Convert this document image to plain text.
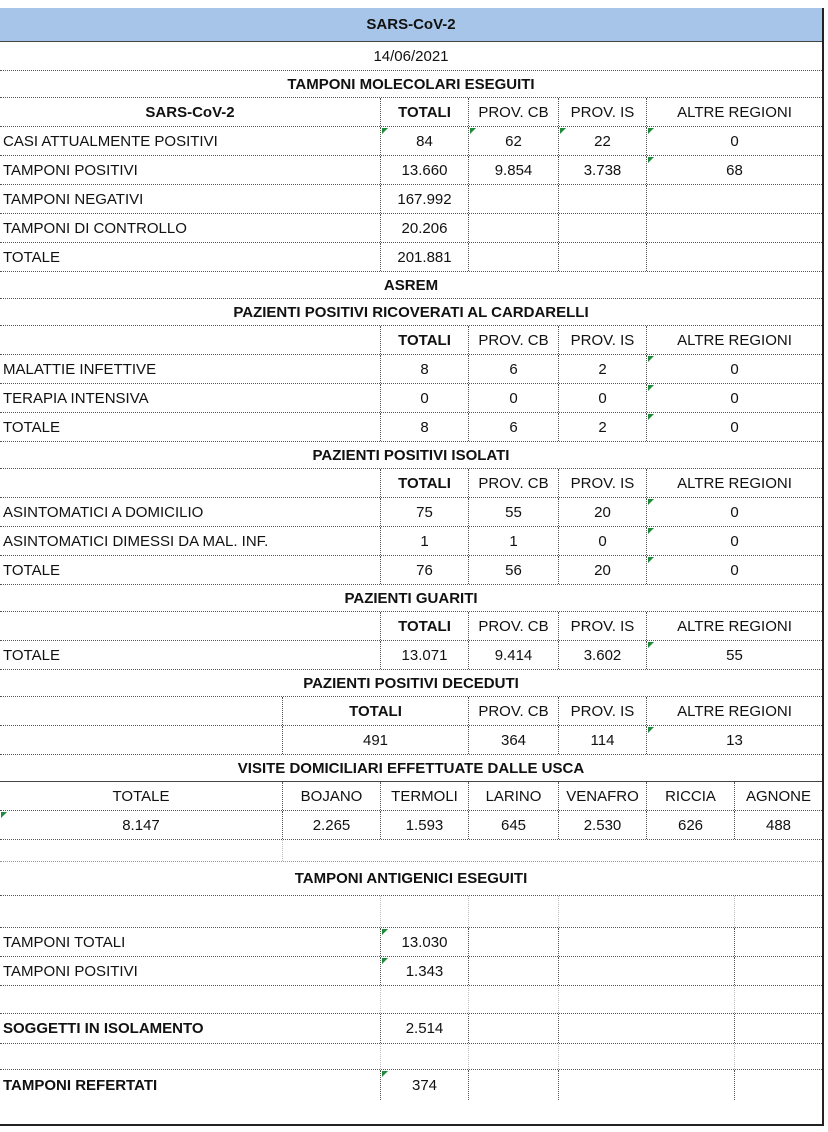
SARS-CoV-2
14/06/2021
TAMPONI MOLECOLARI ESEGUITI
SARS-CoV-2	TOTALI	PROV. CB	PROV. IS	ALTRE REGIONI
CASI ATTUALMENTE POSITIVI	84	62	22	0
TAMPONI POSITIVI	13.660	9.854	3.738	68
TAMPONI NEGATIVI	167.992
TAMPONI DI CONTROLLO	20.206
TOTALE	201.881
ASREM
PAZIENTI POSITIVI RICOVERATI AL CARDARELLI
TOTALI	PROV. CB	PROV. IS	ALTRE REGIONI
MALATTIE INFETTIVE	8	6	2	0
TERAPIA INTENSIVA	0	0	0	0
TOTALE	8	6	2	0
PAZIENTI POSITIVI ISOLATI
TOTALI	PROV. CB	PROV. IS	ALTRE REGIONI
ASINTOMATICI A DOMICILIO	75	55	20	0
ASINTOMATICI DIMESSI DA MAL. INF.	1	1	0	0
TOTALE	76	56	20	0
PAZIENTI GUARITI
TOTALI	PROV. CB	PROV. IS	ALTRE REGIONI
TOTALE	13.071	9.414	3.602	55
PAZIENTI POSITIVI DECEDUTI
TOTALI	PROV. CB	PROV. IS	ALTRE REGIONI
491	364	114	13
VISITE DOMICILIARI EFFETTUATE DALLE USCA
TOTALE	BOJANO	TERMOLI	LARINO	VENAFRO	RICCIA	AGNONE
8.147	2.265	1.593	645	2.530	626	488
TAMPONI ANTIGENICI ESEGUITI
TAMPONI TOTALI	13.030
TAMPONI POSITIVI	1.343
SOGGETTI IN ISOLAMENTO	2.514
TAMPONI REFERTATI	374
